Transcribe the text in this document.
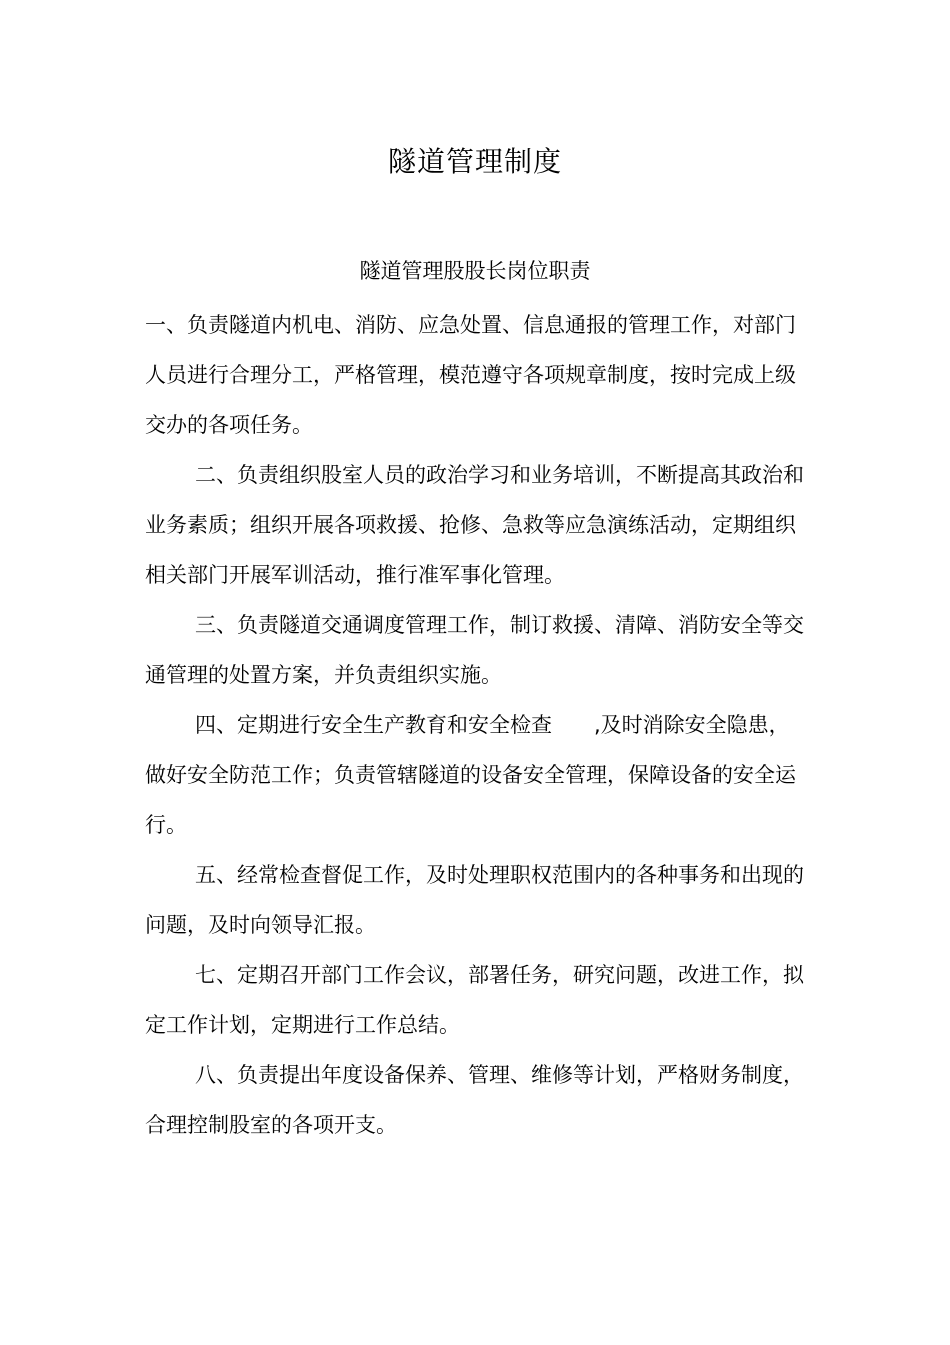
隧道管理制度
隧道管理股股长岗位职责

一、负责隧道内机电、消防、应急处置、信息通报的管理工作，对部门人员进行合理分工，严格管理，模范遵守各项规章制度，按时完成上级交办的各项任务。

二、负责组织股室人员的政治学习和业务培训，不断提高其政治和业务素质；组织开展各项救援、抢修、急救等应急演练活动，定期组织相关部门开展军训活动，推行准军事化管理。

三、负责隧道交通调度管理工作，制订救援、清障、消防安全等交通管理的处置方案，并负责组织实施。

四、定期进行安全生产教育和安全检查　　,及时消除安全隐患，做好安全防范工作；负责管辖隧道的设备安全管理，保障设备的安全运行。

五、经常检查督促工作，及时处理职权范围内的各种事务和出现的问题，及时向领导汇报。

七、定期召开部门工作会议，部署任务，研究问题，改进工作，拟定工作计划，定期进行工作总结。

八、负责提出年度设备保养、管理、维修等计划，严格财务制度，合理控制股室的各项开支。
